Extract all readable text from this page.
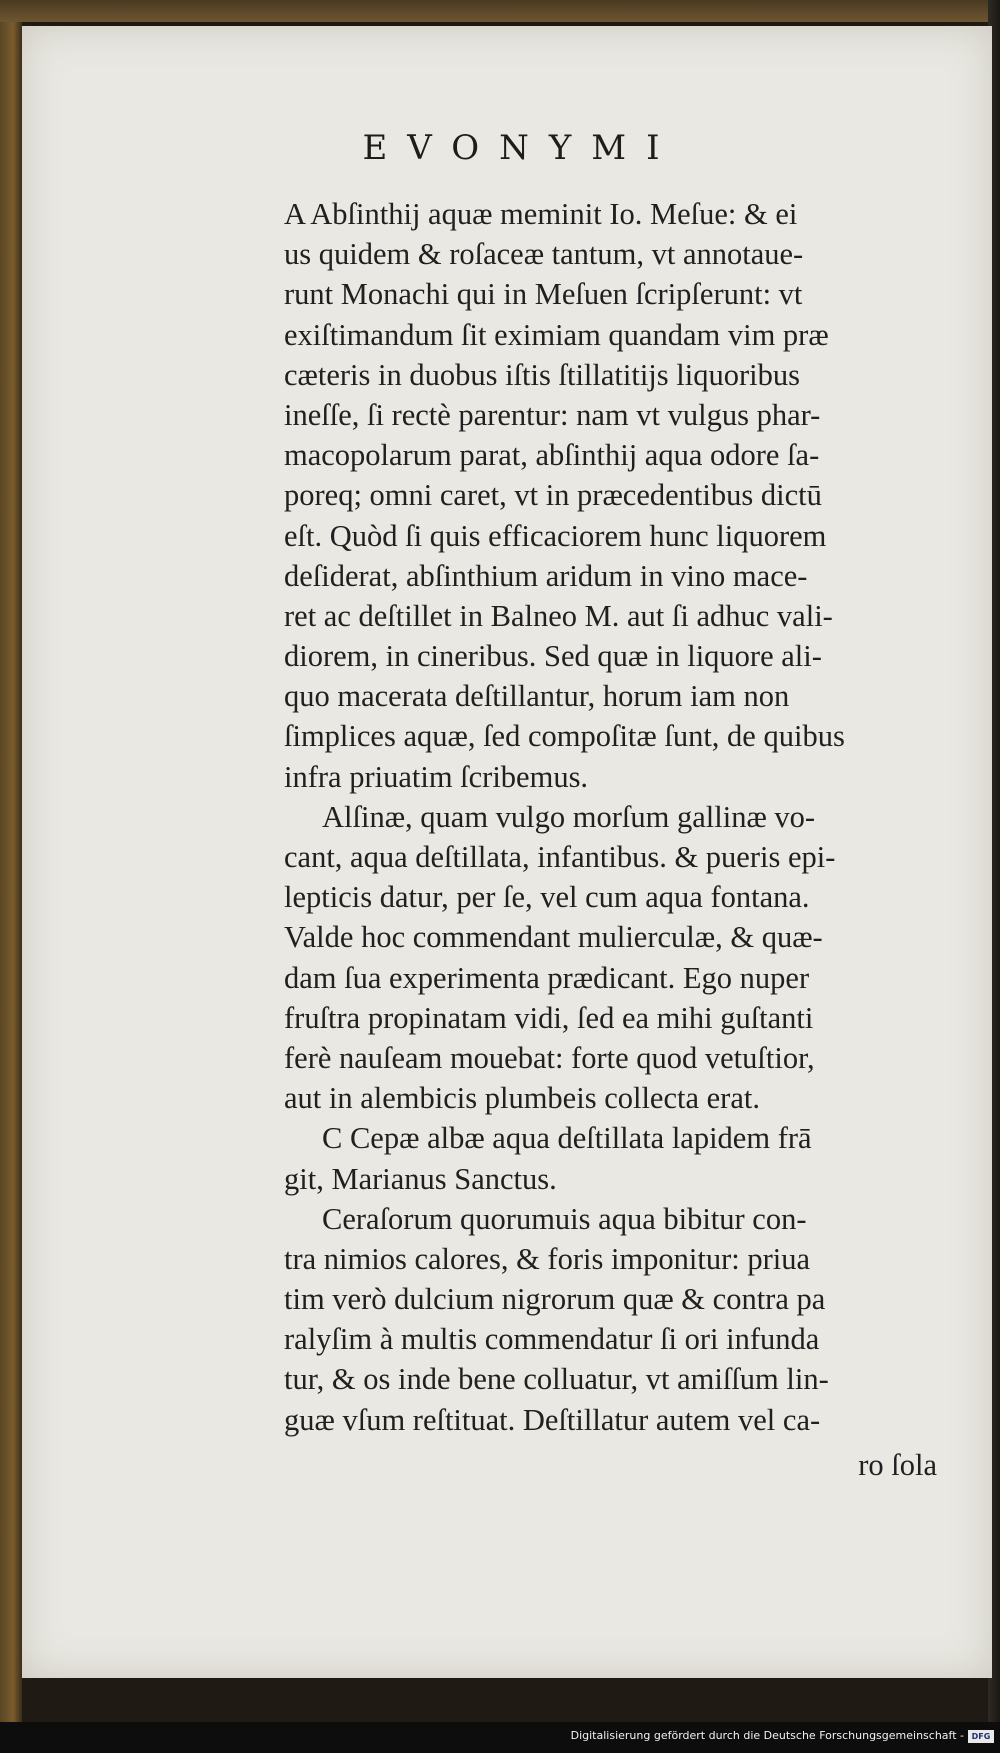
EVONYMI
A Abſinthij aquæ meminit Io. Meſue: & ei
us quidem & roſaceæ tantum, vt annotaue-
runt Monachi qui in Meſuen ſcripſerunt: vt
exiſtimandum ſit eximiam quandam vim præ
cæteris in duobus iſtis ſtillatitijs liquoribus
ineſſe, ſi rectè parentur: nam vt vulgus phar-
macopolarum parat, abſinthij aqua odore ſa-
poreq; omni caret, vt in præcedentibus dictū
eſt. Quòd ſi quis efficaciorem hunc liquorem
deſiderat, abſinthium aridum in vino mace-
ret ac deſtillet in Balneo M. aut ſi adhuc vali-
diorem, in cineribus. Sed quæ in liquore ali-
quo macerata deſtillantur, horum iam non
ſimplices aquæ, ſed compoſitæ ſunt, de quibus
infra priuatim ſcribemus.
Alſinæ, quam vulgo morſum gallinæ vo-
cant, aqua deſtillata, infantibus. & pueris epi-
lepticis datur, per ſe, vel cum aqua fontana.
Valde hoc commendant mulierculæ, & quæ-
dam ſua experimenta prædicant. Ego nuper
fruſtra propinatam vidi, ſed ea mihi guſtanti
ferè nauſeam mouebat: forte quod vetuſtior,
aut in alembicis plumbeis collecta erat.
C Cepæ albæ aqua deſtillata lapidem frā
git, Marianus Sanctus.
Ceraſorum quorumuis aqua bibitur con-
tra nimios calores, & foris imponitur: priua
tim verò dulcium nigrorum quæ & contra pa
ralyſim à multis commendatur ſi ori infunda
tur, & os inde bene colluatur, vt amiſſum lin-
guæ vſum reſtituat. Deſtillatur autem vel ca-
ro ſola
Digitalisierung gefördert durch die Deutsche Forschungsgemeinschaft - DFG
